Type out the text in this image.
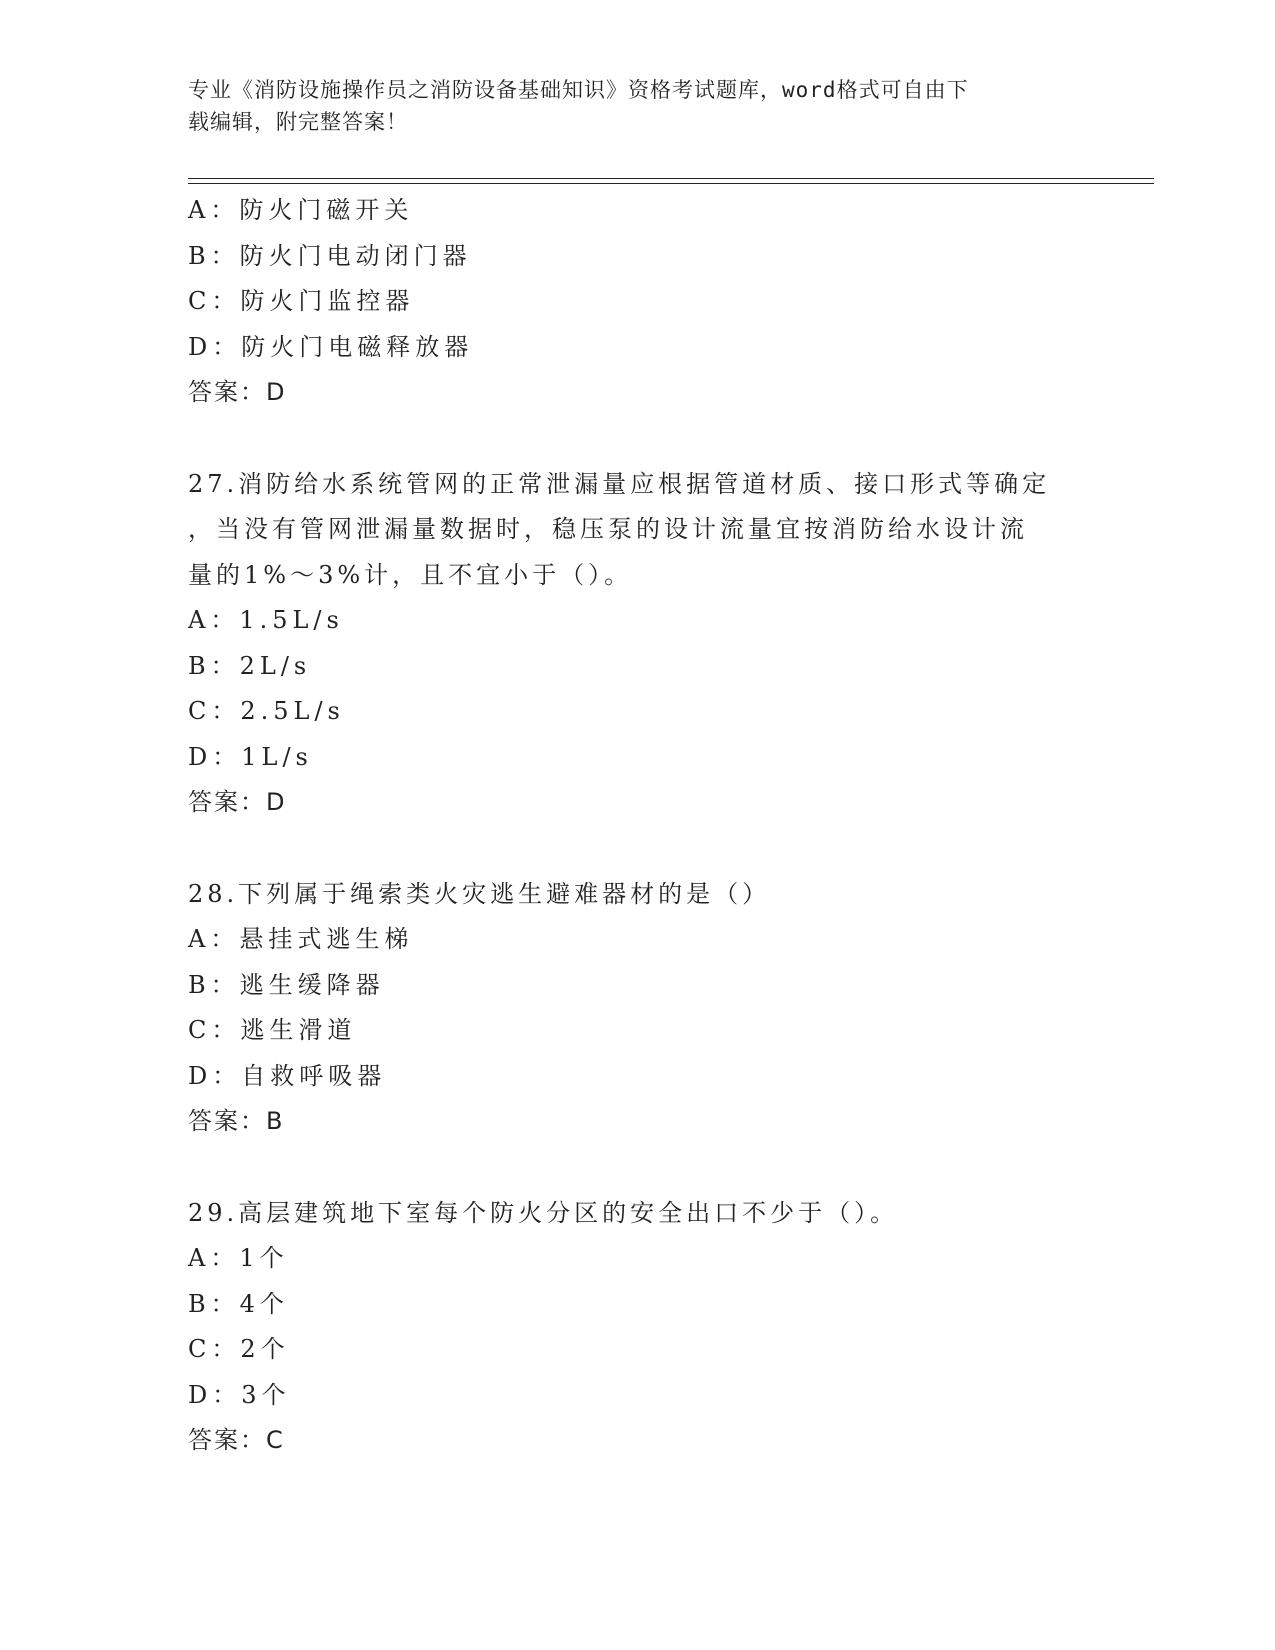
专业《消防设施操作员之消防设备基础知识》资格考试题库，word格式可自由下
载编辑，附完整答案！
A：防火门磁开关
B：防火门电动闭门器
C：防火门监控器
D：防火门电磁释放器
答案：D
27.消防给水系统管网的正常泄漏量应根据管道材质、接口形式等确定
，当没有管网泄漏量数据时，稳压泵的设计流量宜按消防给水设计流
量的1%～3%计，且不宜小于（）。
A：1.5L/s
B：2L/s
C：2.5L/s
D：1L/s
答案：D
28.下列属于绳索类火灾逃生避难器材的是（）
A：悬挂式逃生梯
B：逃生缓降器
C：逃生滑道
D：自救呼吸器
答案：B
29.高层建筑地下室每个防火分区的安全出口不少于（）。
A：1个
B：4个
C：2个
D：3个
答案：C
